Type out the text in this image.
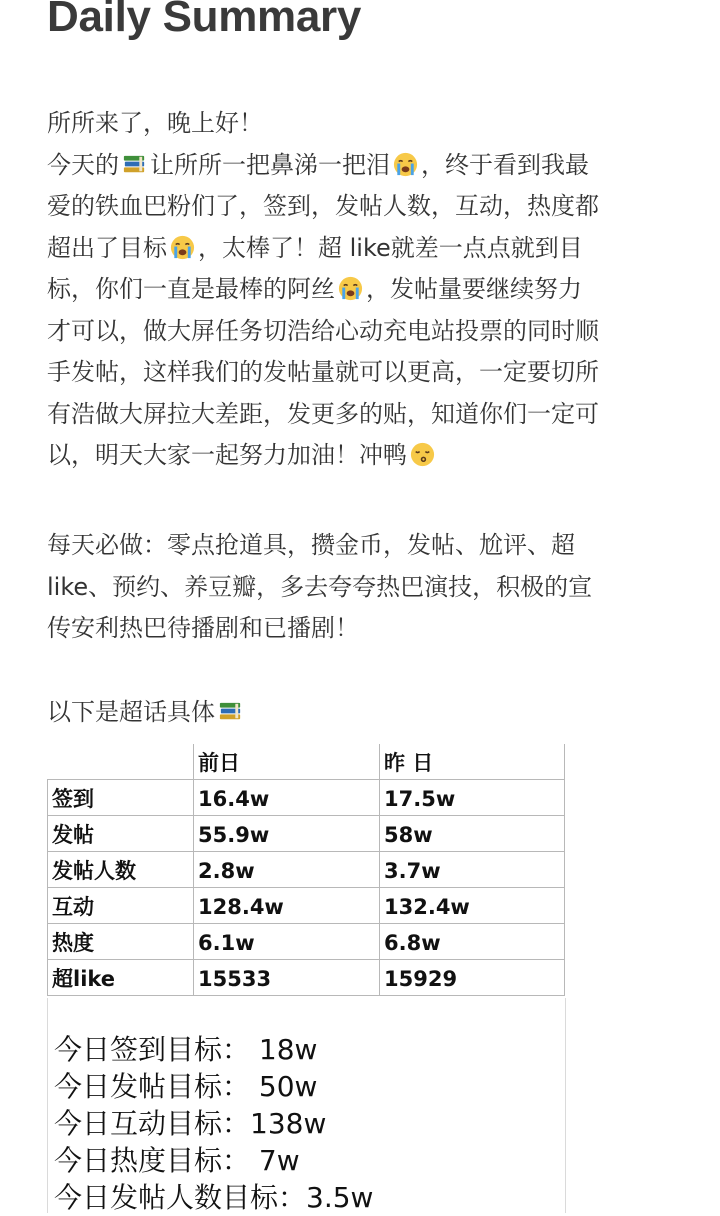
Daily Summary
所所来了，晚上好！
今天的 让所所一把鼻涕一把泪 ，终于看到我最
爱的铁血巴粉们了，签到，发帖人数，互动，热度都
超出了目标 ，太棒了！超 like就差一点点就到目
标，你们一直是最棒的阿丝 ，发帖量要继续努力
才可以，做大屏任务切浩给心动充电站投票的同时顺
手发帖，这样我们的发帖量就可以更高，一定要切所
有浩做大屏拉大差距，发更多的贴，知道你们一定可
以，明天大家一起努力加油！冲鸭
每天必做：零点抢道具，攒金币，发帖、尬评、超
like、预约、养豆瓣，多去夸夸热巴演技，积极的宣
传安利热巴待播剧和已播剧！
以下是超话具体
	前日	昨 日
签到	16.4w	17.5w
发帖	55.9w	58w
发帖人数	2.8w	3.7w
互动	128.4w	132.4w
热度	6.1w	6.8w
超like	15533	15929
今日签到目标： 18w
今日发帖目标： 50w
今日互动目标：138w
今日热度目标： 7w
今日发帖人数目标：3.5w
